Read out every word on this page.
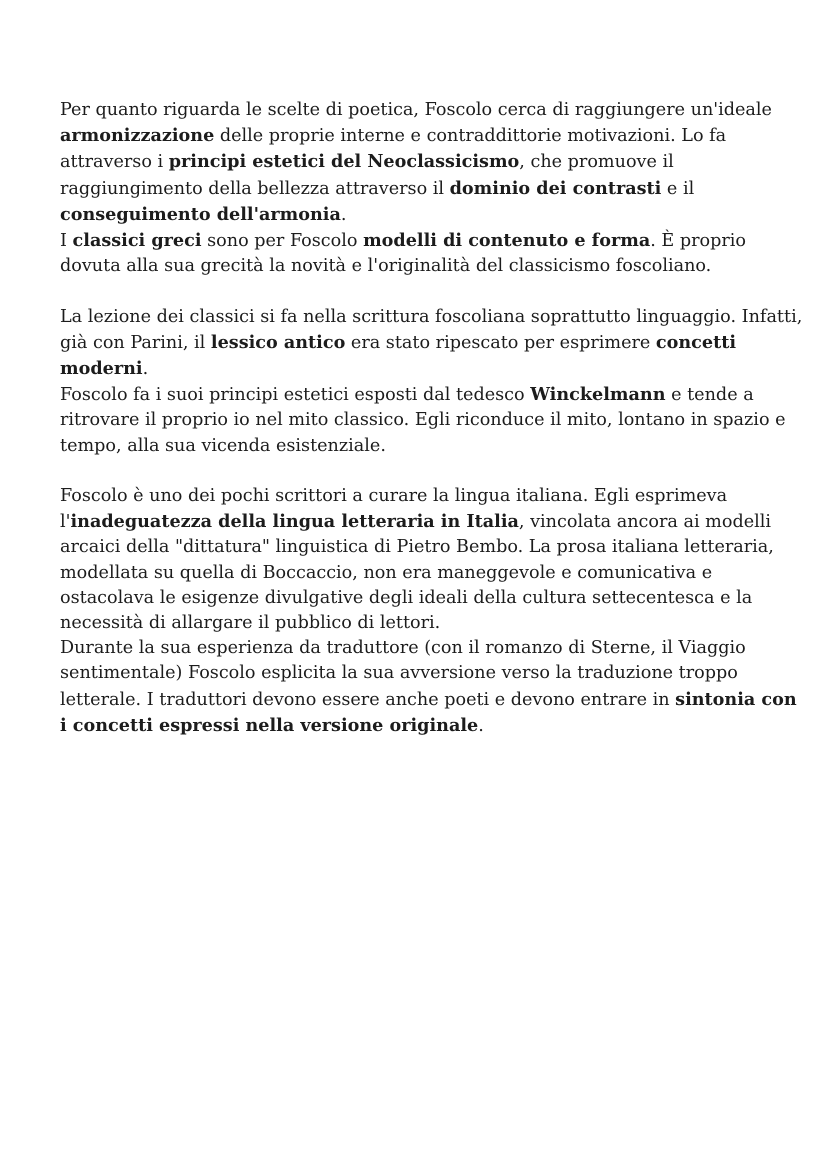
Per quanto riguarda le scelte di poetica, Foscolo cerca di raggiungere un'ideale
armonizzazione delle proprie interne e contraddittorie motivazioni. Lo fa
attraverso i principi estetici del Neoclassicismo, che promuove il
raggiungimento della bellezza attraverso il dominio dei contrasti e il
conseguimento dell'armonia.
I classici greci sono per Foscolo modelli di contenuto e forma. È proprio
dovuta alla sua grecità la novità e l'originalità del classicismo foscoliano.

La lezione dei classici si fa nella scrittura foscoliana soprattutto linguaggio. Infatti,
già con Parini, il lessico antico era stato ripescato per esprimere concetti
moderni.
Foscolo fa i suoi principi estetici esposti dal tedesco Winckelmann e tende a
ritrovare il proprio io nel mito classico. Egli riconduce il mito, lontano in spazio e
tempo, alla sua vicenda esistenziale.

Foscolo è uno dei pochi scrittori a curare la lingua italiana. Egli esprimeva
l'inadeguatezza della lingua letteraria in Italia, vincolata ancora ai modelli
arcaici della "dittatura" linguistica di Pietro Bembo. La prosa italiana letteraria,
modellata su quella di Boccaccio, non era maneggevole e comunicativa e
ostacolava le esigenze divulgative degli ideali della cultura settecentesca e la
necessità di allargare il pubblico di lettori.
Durante la sua esperienza da traduttore (con il romanzo di Sterne, il Viaggio
sentimentale) Foscolo esplicita la sua avversione verso la traduzione troppo
letterale. I traduttori devono essere anche poeti e devono entrare in sintonia con
i concetti espressi nella versione originale.
